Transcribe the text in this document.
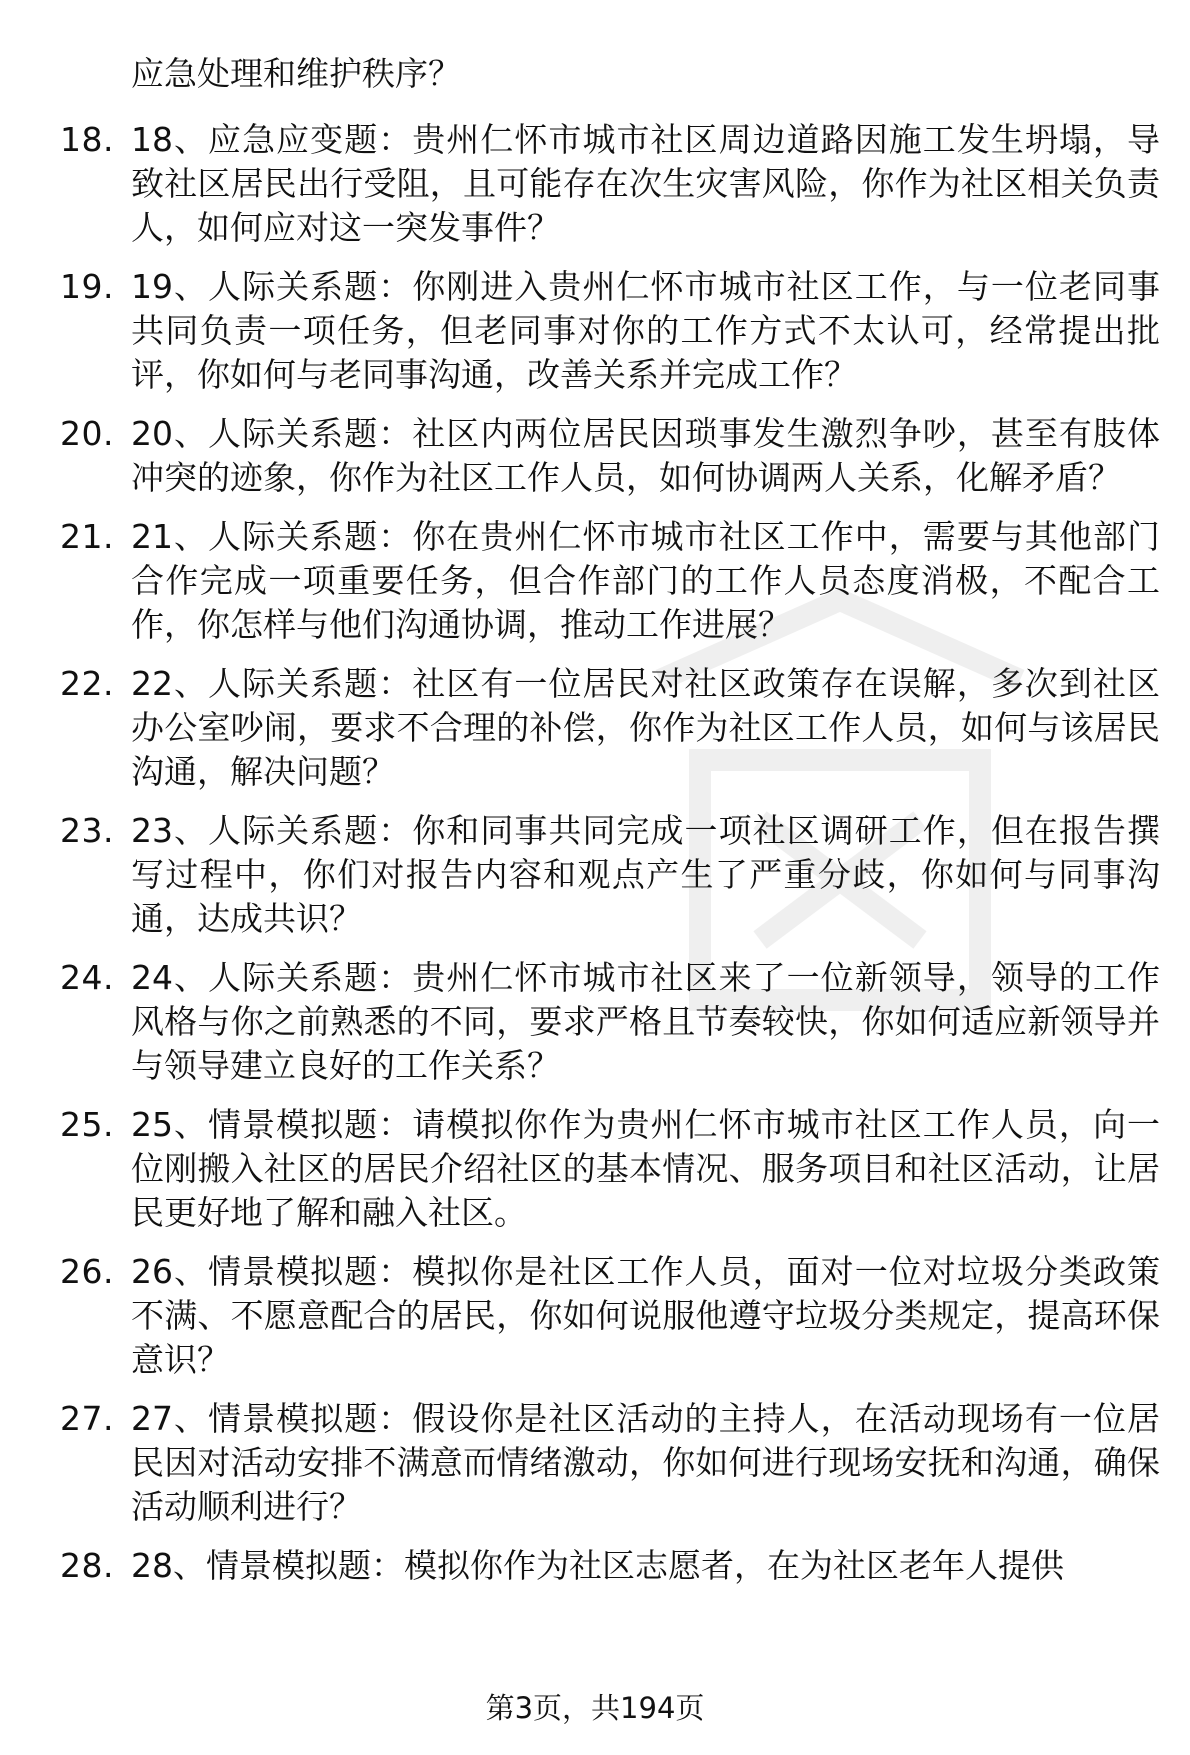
应急处理和维护秩序？
18. 18、应急应变题：贵州仁怀市城市社区周边道路因施工发生坍塌，导致社区居民出行受阻，且可能存在次生灾害风险，你作为社区相关负责人，如何应对这一突发事件？
19. 19、人际关系题：你刚进入贵州仁怀市城市社区工作，与一位老同事共同负责一项任务，但老同事对你的工作方式不太认可，经常提出批评，你如何与老同事沟通，改善关系并完成工作？
20. 20、人际关系题：社区内两位居民因琐事发生激烈争吵，甚至有肢体冲突的迹象，你作为社区工作人员，如何协调两人关系，化解矛盾？
21. 21、人际关系题：你在贵州仁怀市城市社区工作中，需要与其他部门合作完成一项重要任务，但合作部门的工作人员态度消极，不配合工作，你怎样与他们沟通协调，推动工作进展？
22. 22、人际关系题：社区有一位居民对社区政策存在误解，多次到社区办公室吵闹，要求不合理的补偿，你作为社区工作人员，如何与该居民沟通，解决问题？
23. 23、人际关系题：你和同事共同完成一项社区调研工作，但在报告撰写过程中，你们对报告内容和观点产生了严重分歧，你如何与同事沟通，达成共识？
24. 24、人际关系题：贵州仁怀市城市社区来了一位新领导，领导的工作风格与你之前熟悉的不同，要求严格且节奏较快，你如何适应新领导并与领导建立良好的工作关系？
25. 25、情景模拟题：请模拟你作为贵州仁怀市城市社区工作人员，向一位刚搬入社区的居民介绍社区的基本情况、服务项目和社区活动，让居民更好地了解和融入社区。
26. 26、情景模拟题：模拟你是社区工作人员，面对一位对垃圾分类政策不满、不愿意配合的居民，你如何说服他遵守垃圾分类规定，提高环保意识？
27. 27、情景模拟题：假设你是社区活动的主持人，在活动现场有一位居民因对活动安排不满意而情绪激动，你如何进行现场安抚和沟通，确保活动顺利进行？
28. 28、情景模拟题：模拟你作为社区志愿者，在为社区老年人提供
第3页，共194页
